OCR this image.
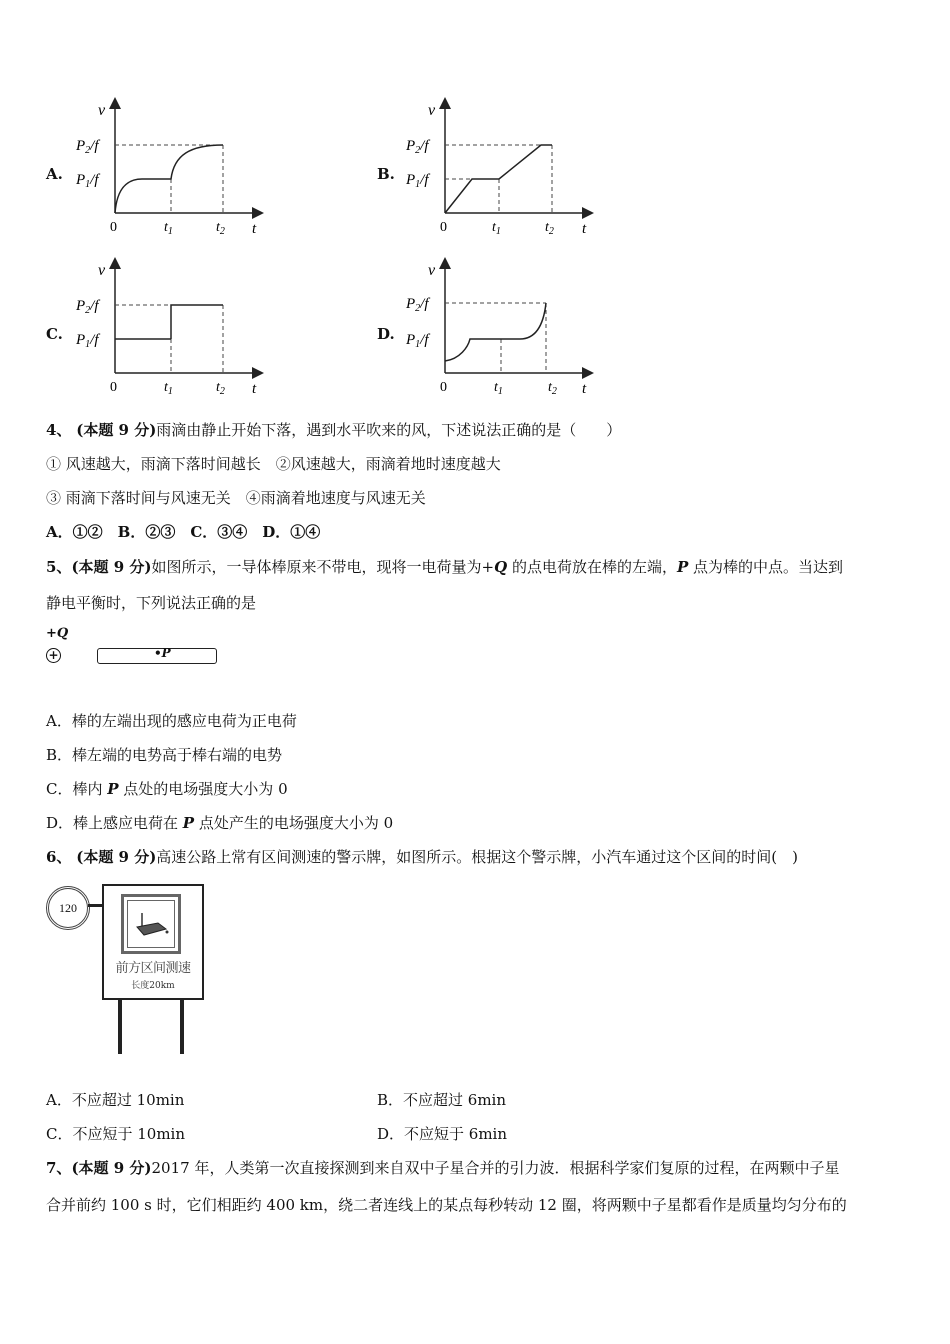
A.
v
t
0	$t_1$	$t_2$
$P_2/f$
$P_1/f$	B.
v
t
0	$t_1$	$t_2$
$P_2/f$
$P_1/f$
C.
v
t
0	$t_1$	$t_2$
$P_2/f$
$P_1/f$	D.
v
t
0	$t_1$	$t_2$
$P_2/f$
$P_1/f$
4、 (本题 9 分)雨滴由静止开始下落，遇到水平吹来的风，下述说法正确的是（　　）
① 风速越大，雨滴下落时间越长　②风速越大，雨滴着地时速度越大
③ 雨滴下落时间与风速无关　④雨滴着地速度与风速无关
A．①②　B．②③　C．③④　D．①④
5、(本题 9 分)如图所示，一导体棒原来不带电，现将一电荷量为+Q 的点电荷放在棒的左端，P 点为棒的中点。当达到
静电平衡时，下列说法正确的是
+Q
+	•P
A．棒的左端出现的感应电荷为正电荷
B．棒左端的电势高于棒右端的电势
C．棒内 P 点处的电场强度大小为 0
D．棒上感应电荷在 P 点处产生的电场强度大小为 0
6、 (本题 9 分)高速公路上常有区间测速的警示牌，如图所示。根据这个警示牌，小汽车通过这个区间的时间(　)
120
前方区间测速
长度20km
A．不应超过 10min	B．不应超过 6min
C．不应短于 10min	D．不应短于 6min
7、(本题 9 分)2017 年，人类第一次直接探测到来自双中子星合并的引力波．根据科学家们复原的过程，在两颗中子星
合并前约 100 s 时，它们相距约 400 km，绕二者连线上的某点每秒转动 12 圈，将两颗中子星都看作是质量均匀分布的
